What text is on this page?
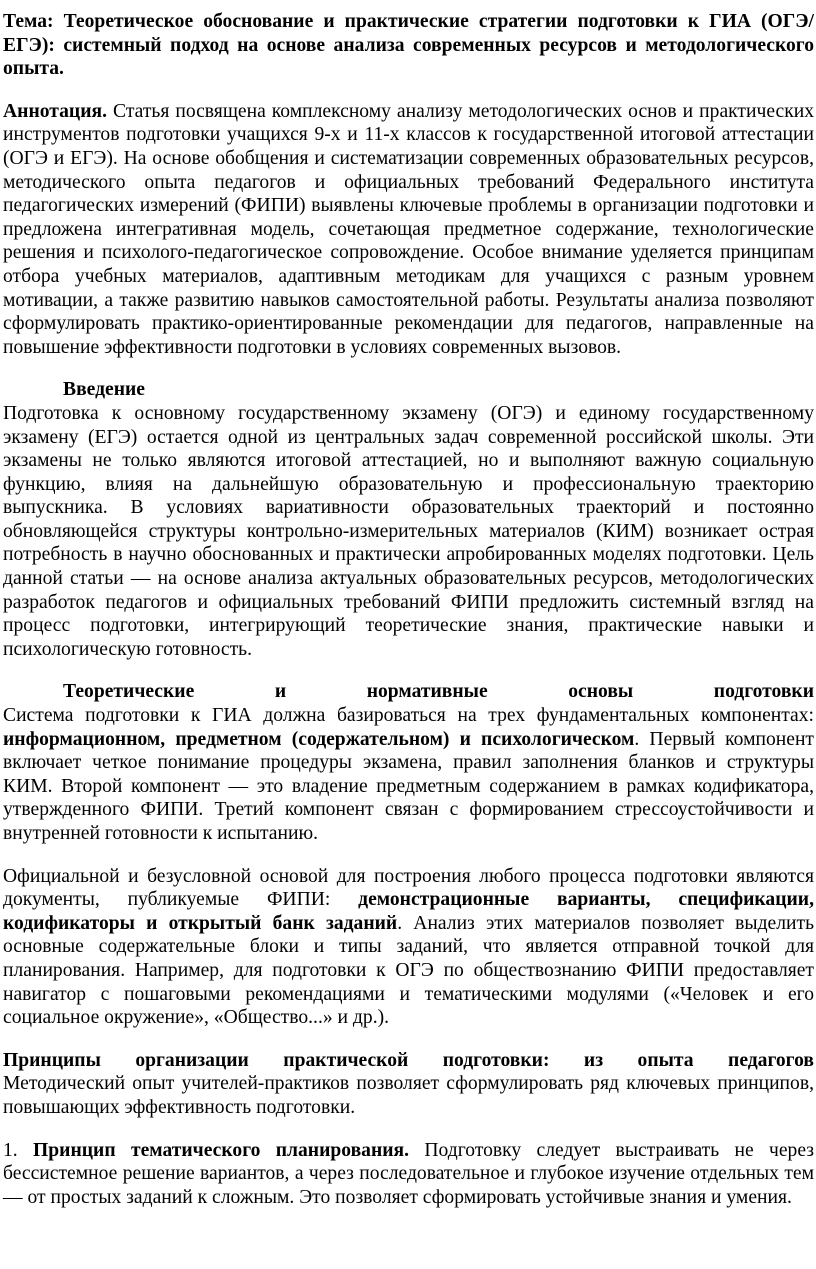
Тема: Теоретическое обоснование и практические стратегии подготовки к ГИА (ОГЭ/ЕГЭ): системный подход на основе анализа современных ресурсов и методологического опыта.

Аннотация. Статья посвящена комплексному анализу методологических основ и практических инструментов подготовки учащихся 9-х и 11-х классов к государственной итоговой аттестации (ОГЭ и ЕГЭ). На основе обобщения и систематизации современных образовательных ресурсов, методического опыта педагогов и официальных требований Федерального института педагогических измерений (ФИПИ) выявлены ключевые проблемы в организации подготовки и предложена интегративная модель, сочетающая предметное содержание, технологические решения и психолого-педагогическое сопровождение. Особое внимание уделяется принципам отбора учебных материалов, адаптивным методикам для учащихся с разным уровнем мотивации, а также развитию навыков самостоятельной работы. Результаты анализа позволяют сформулировать практико-ориентированные рекомендации для педагогов, направленные на повышение эффективности подготовки в условиях современных вызовов.

Введение

Подготовка к основному государственному экзамену (ОГЭ) и единому государственному экзамену (ЕГЭ) остается одной из центральных задач современной российской школы. Эти экзамены не только являются итоговой аттестацией, но и выполняют важную социальную функцию, влияя на дальнейшую образовательную и профессиональную траекторию выпускника. В условиях вариативности образовательных траекторий и постоянно обновляющейся структуры контрольно-измерительных материалов (КИМ) возникает острая потребность в научно обоснованных и практически апробированных моделях подготовки. Цель данной статьи — на основе анализа актуальных образовательных ресурсов, методологических разработок педагогов и официальных требований ФИПИ предложить системный взгляд на процесс подготовки, интегрирующий теоретические знания, практические навыки и психологическую готовность.

Теоретические и нормативные основы подготовки

Система подготовки к ГИА должна базироваться на трех фундаментальных компонентах: информационном, предметном (содержательном) и психологическом. Первый компонент включает четкое понимание процедуры экзамена, правил заполнения бланков и структуры КИМ. Второй компонент — это владение предметным содержанием в рамках кодификатора, утвержденного ФИПИ. Третий компонент связан с формированием стрессоустойчивости и внутренней готовности к испытанию.

Официальной и безусловной основой для построения любого процесса подготовки являются документы, публикуемые ФИПИ: демонстрационные варианты, спецификации, кодификаторы и открытый банк заданий. Анализ этих материалов позволяет выделить основные содержательные блоки и типы заданий, что является отправной точкой для планирования. Например, для подготовки к ОГЭ по обществознанию ФИПИ предоставляет навигатор с пошаговыми рекомендациями и тематическими модулями («Человек и его социальное окружение», «Общество...» и др.).

Принципы организации практической подготовки: из опыта педагогов

Методический опыт учителей-практиков позволяет сформулировать ряд ключевых принципов, повышающих эффективность подготовки.

1. Принцип тематического планирования. Подготовку следует выстраивать не через бессистемное решение вариантов, а через последовательное и глубокое изучение отдельных тем — от простых заданий к сложным. Это позволяет сформировать устойчивые знания и умения.
